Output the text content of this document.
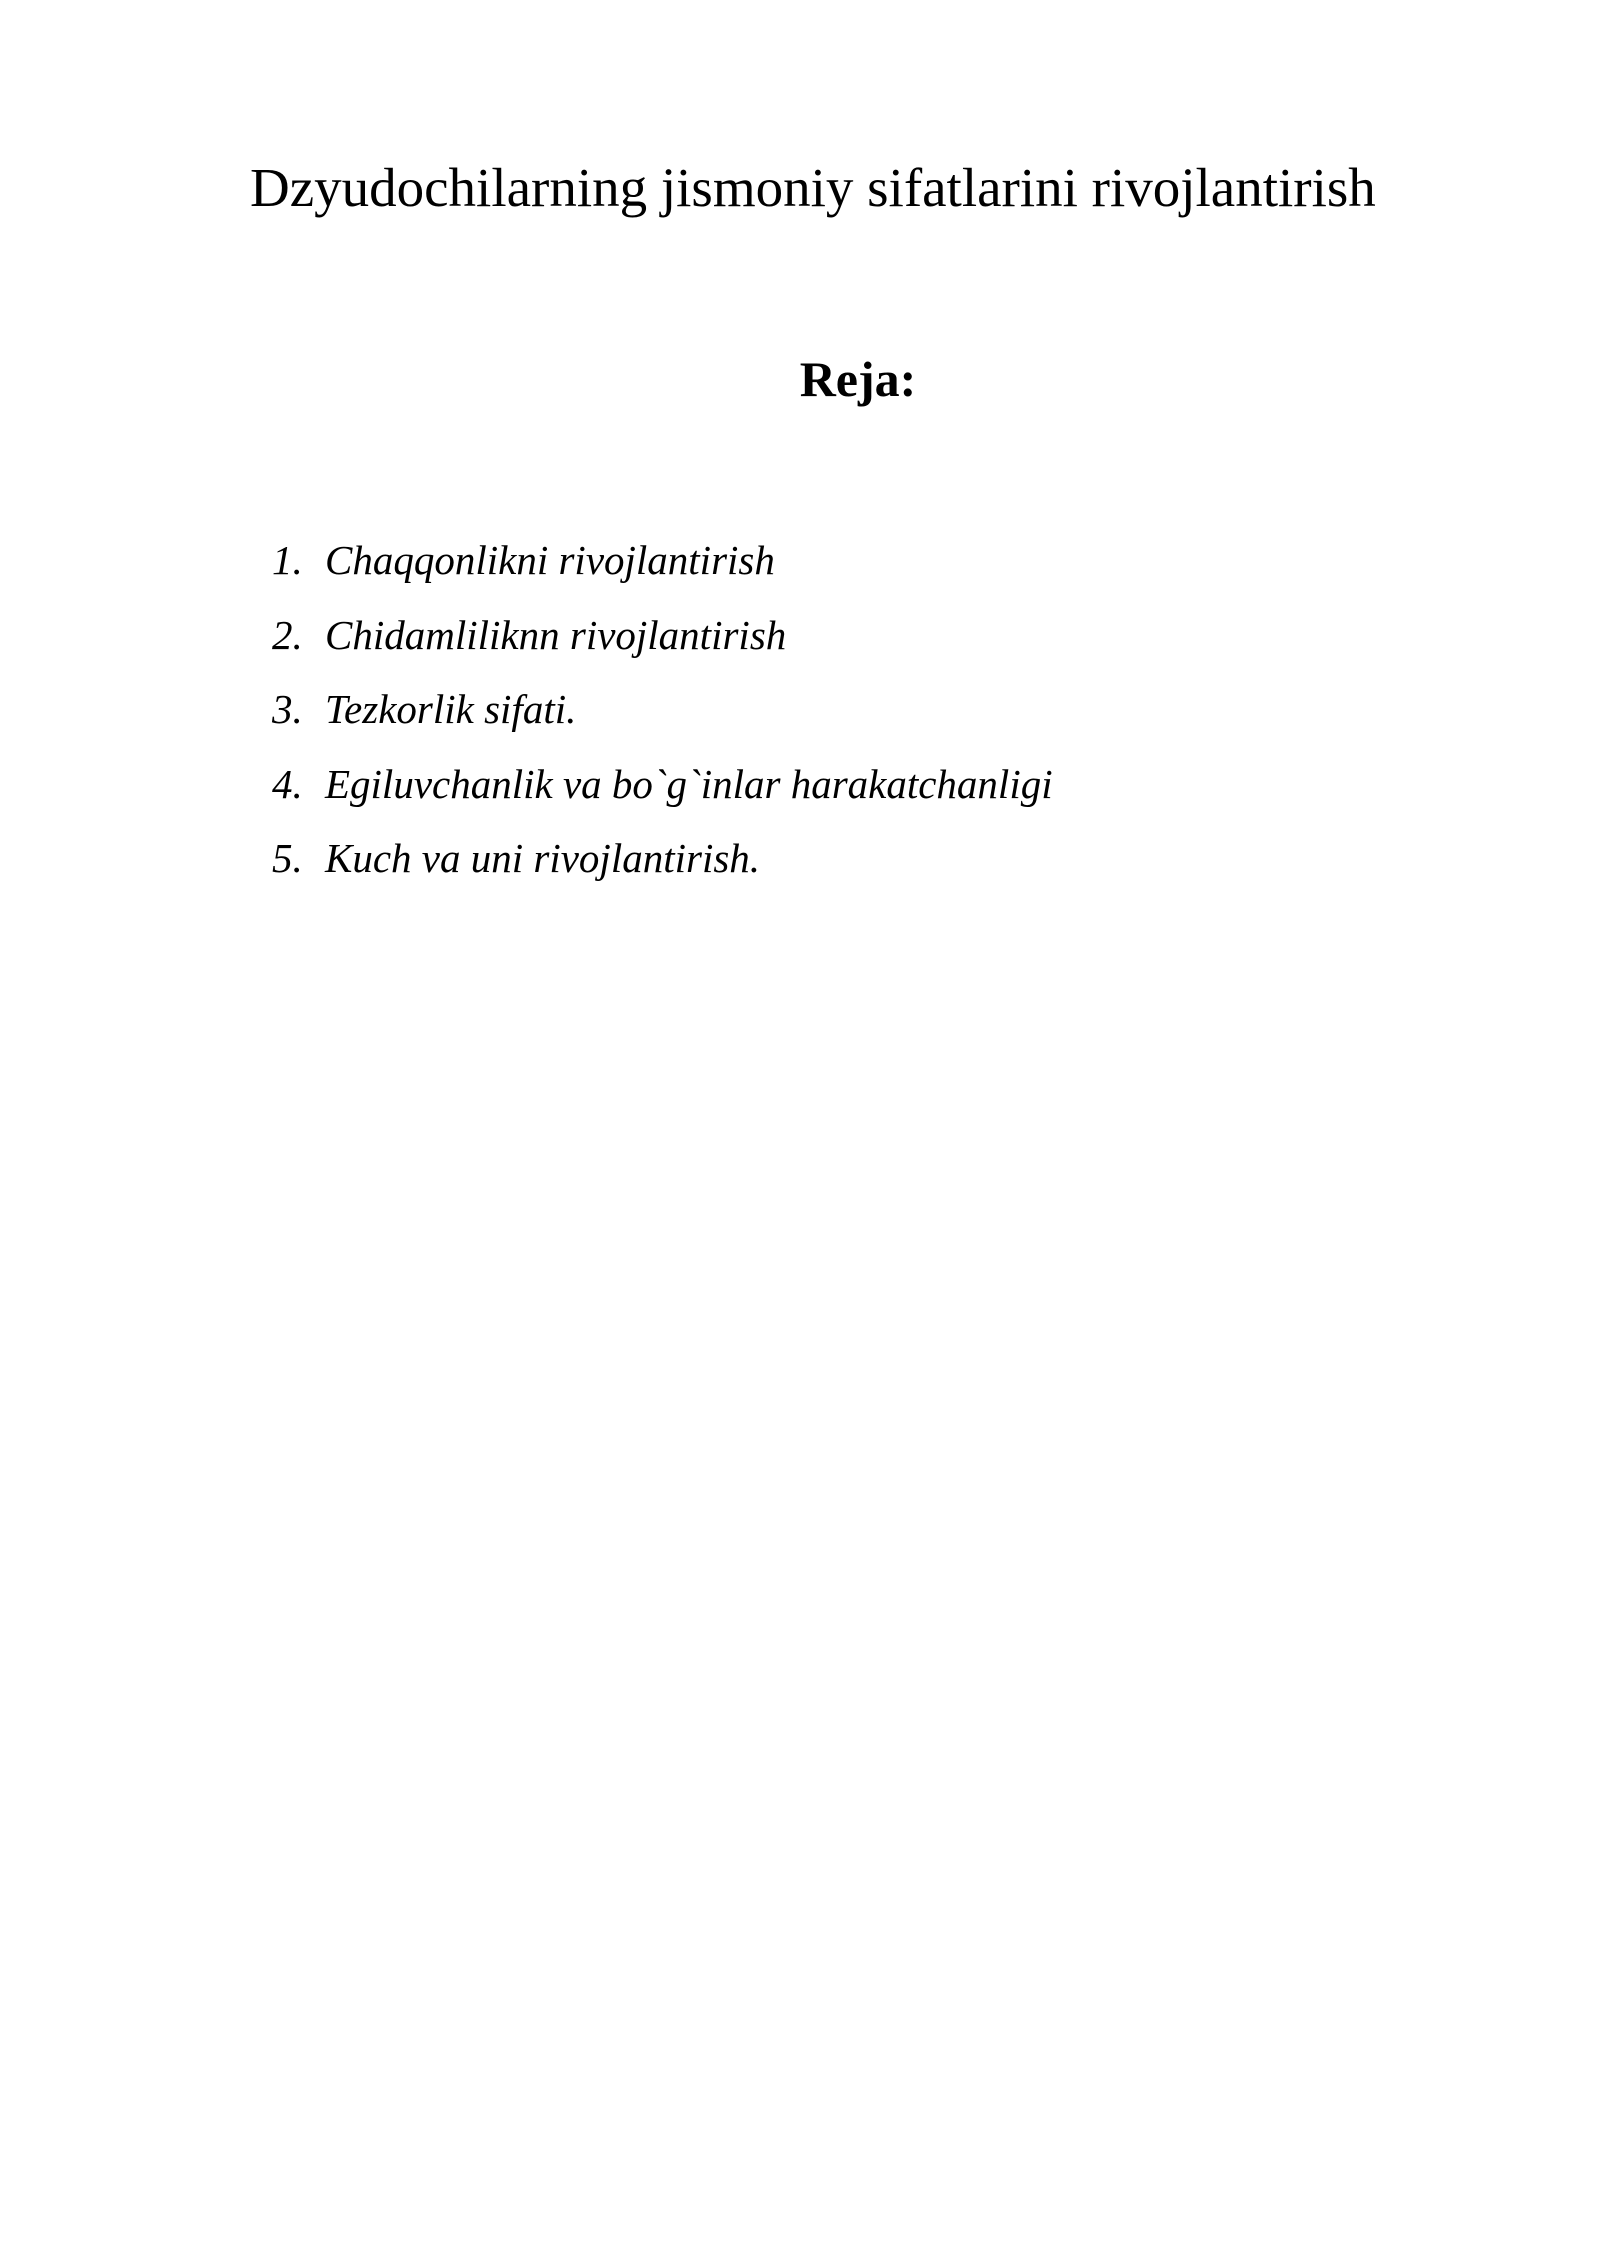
Dzyudochilarning jismoniy sifatlarini rivojlantirish
Reja:
1. Chaqqonlikni rivojlantirish
2. Chidamliliknn rivojlantirish
3. Tezkorlik sifati.
4. Egiluvchanlik va bo`g`inlar harakatchanligi
5. Kuch va uni rivojlantirish.
